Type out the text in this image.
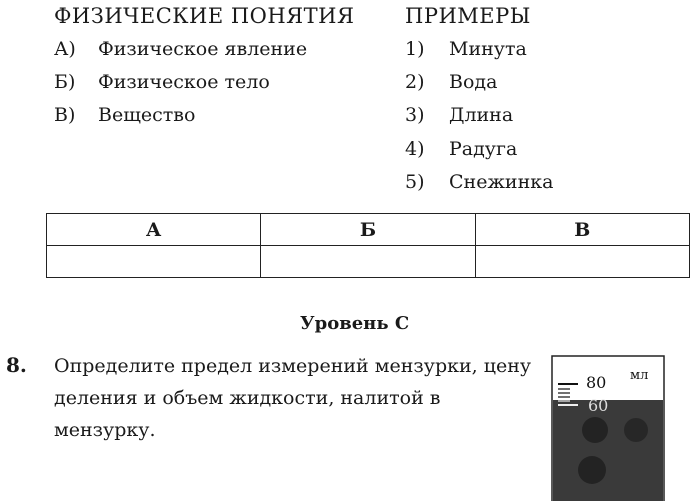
ФИЗИЧЕСКИЕ ПОНЯТИЯ ПРИМЕРЫ
А) Физическое явление
Б) Физическое тело
В) Вещество
1) Минута
2) Вода
3) Длина
4) Радуга
5) Снежинка
А	Б	В

Уровень С
8. Определите предел измерений мензурки, цену деления и объем жидкости, налитой в мензурку.
80
60
мл
